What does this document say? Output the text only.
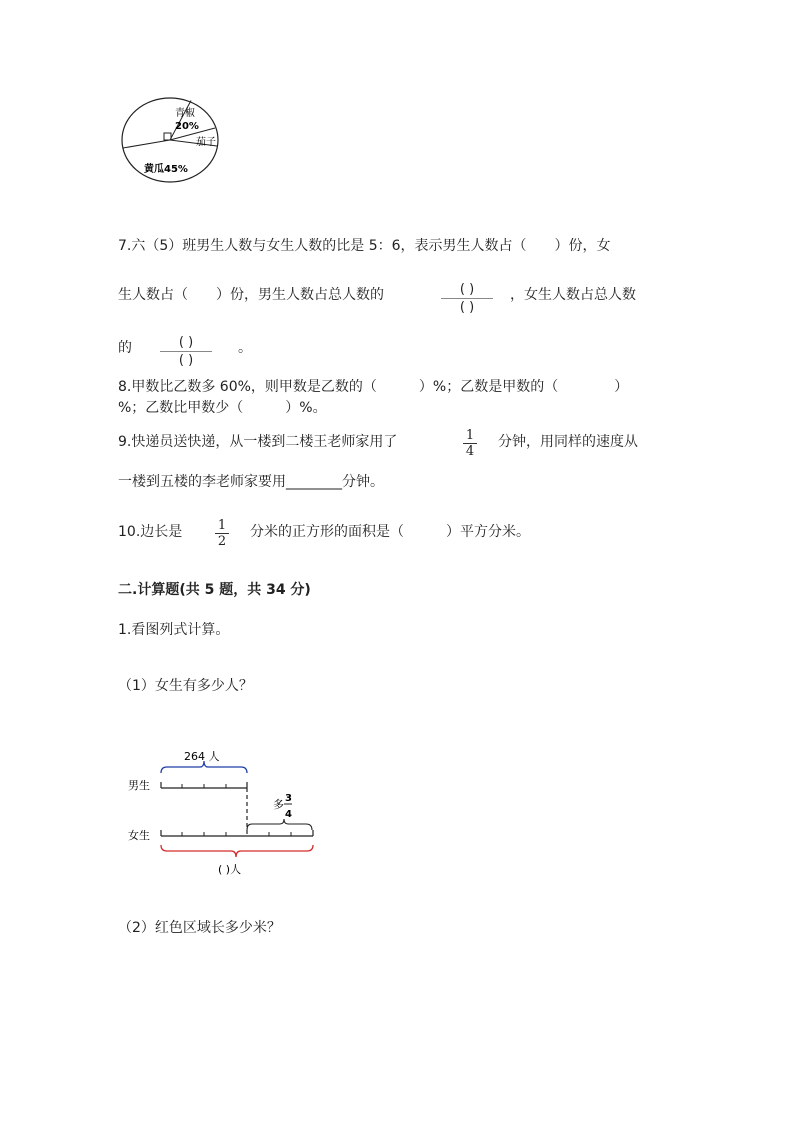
青椒
20%
茄子
黄瓜45%
7.六（5）班男生人数与女生人数的比是 5：6，表示男生人数占（　　）份，女
生人数占（　　）份，男生人数占总人数的	( )
( )
，女生人数占总人数
的	( )
( )
。
8.甲数比乙数多 60%，则甲数是乙数的（　　　）%；乙数是甲数的（　　　　）
%；乙数比甲数少（　　　）%。
9.快递员送快递，从一楼到二楼王老师家用了	1
4
分钟，用同样的速度从
一楼到五楼的李老师家要用________分钟。
10.边长是	1
2
分米的正方形的面积是（　　　）平方分米。
二.计算题(共 5 题，共 34 分)
1.看图列式计算。
（1）女生有多少人？
264 人
男生
多 3
4
女生
( )人
（2）红色区域长多少米？
